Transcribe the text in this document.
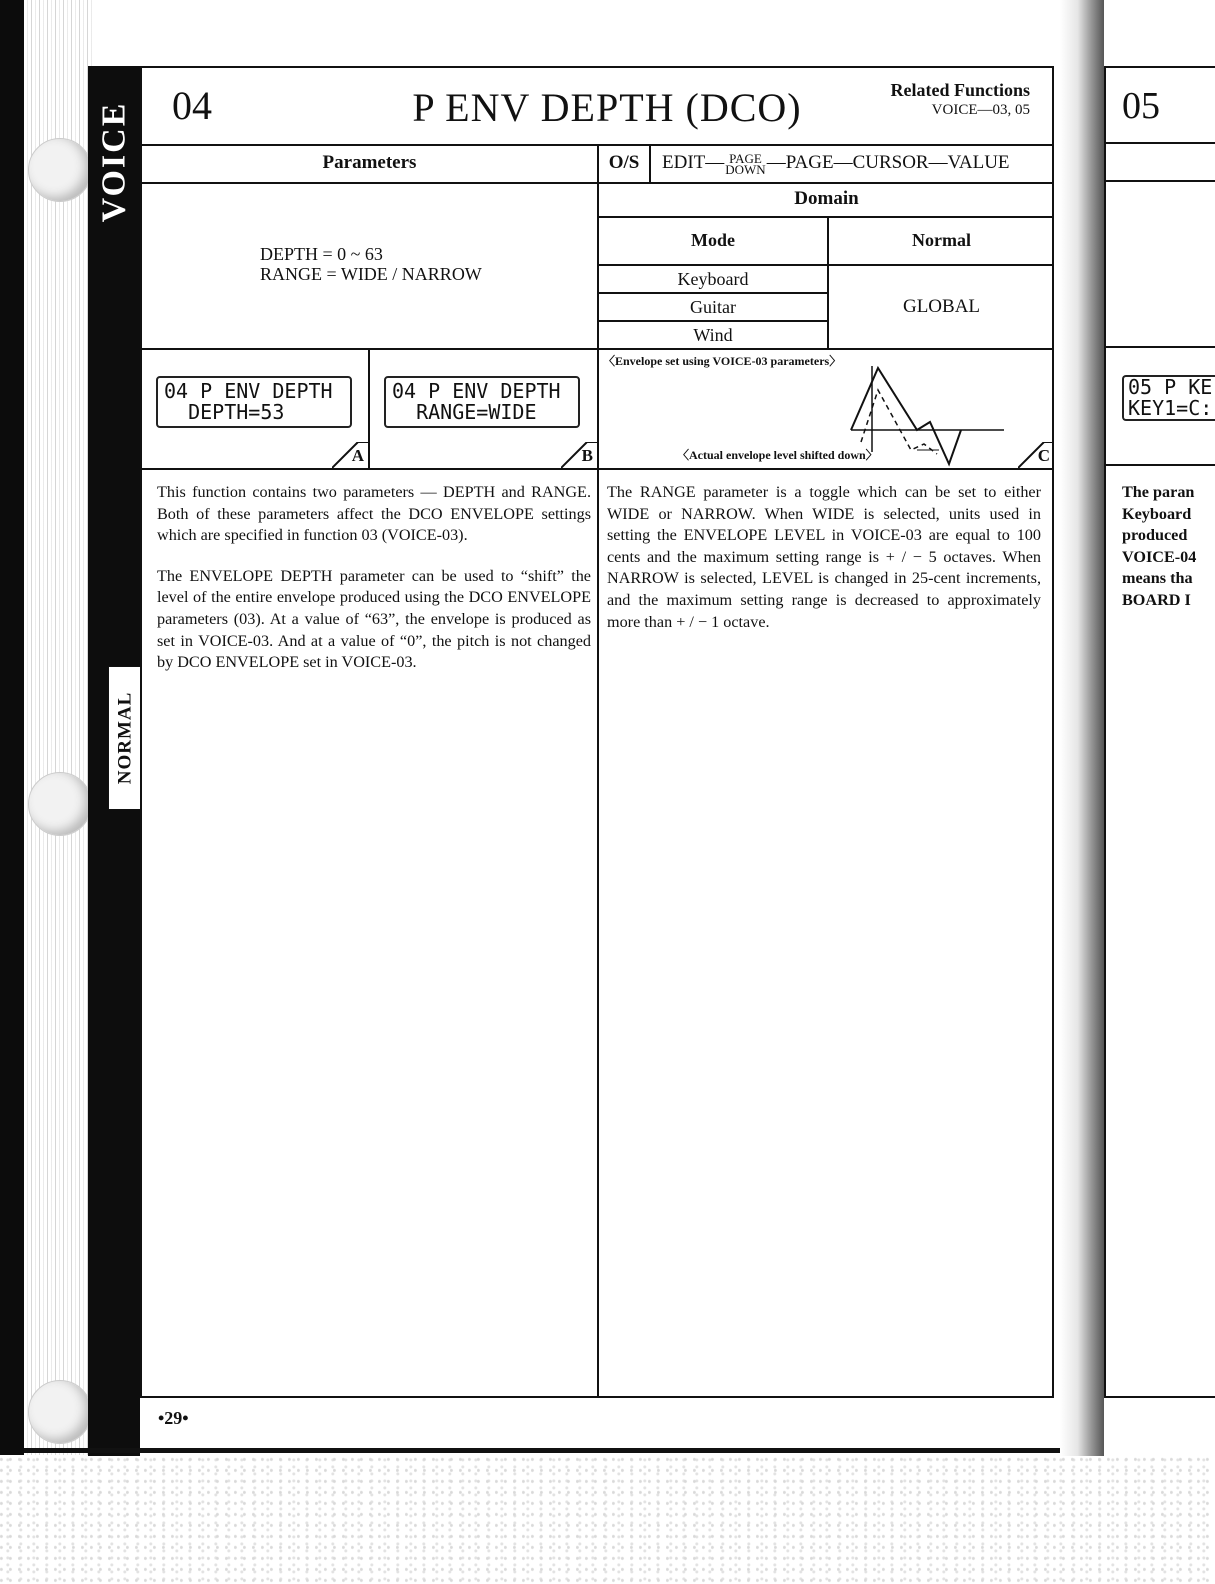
VOICE
NORMAL
04	P ENV DEPTH (DCO)	Related Functions
VOICE—03, 05
Parameters	O/S	EDIT— PAGE
DOWN—PAGE—CURSOR—VALUE
DEPTH = 0 ~ 63
RANGE = WIDE / NARROW
Domain
Mode	Normal
Keyboard
Guitar
Wind
GLOBAL
04 P ENV DEPTH
DEPTH=53
A
04 P ENV DEPTH
RANGE=WIDE
B
〈Envelope set using VOICE-03 parameters〉
〈Actual envelope level shifted down〉	C

This function contains two parameters — DEPTH and RANGE. Both of these parameters affect the DCO ENVELOPE settings which are specified in function 03 (VOICE-03).

The ENVELOPE DEPTH parameter can be used to “shift” the level of the entire envelope produced using the DCO ENVELOPE parameters (03). At a value of “63”, the envelope is produced as set in VOICE-03. And at a value of “0”, the pitch is not changed by DCO ENVELOPE set in VOICE-03.

The RANGE parameter is a toggle which can be set to either WIDE or NARROW. When WIDE is selected, units used in setting the ENVELOPE LEVEL in VOICE-03 are equal to 100 cents and the maximum setting range is + / − 5 octaves. When NARROW is selected, LEVEL is changed in 25-cent increments, and the maximum setting range is decreased to approximately more than + / − 1 octave.

•29•
05
05 P KE
KEY1=C:
The paran
Keyboard
produced
VOICE-04
means tha
BOARD I
